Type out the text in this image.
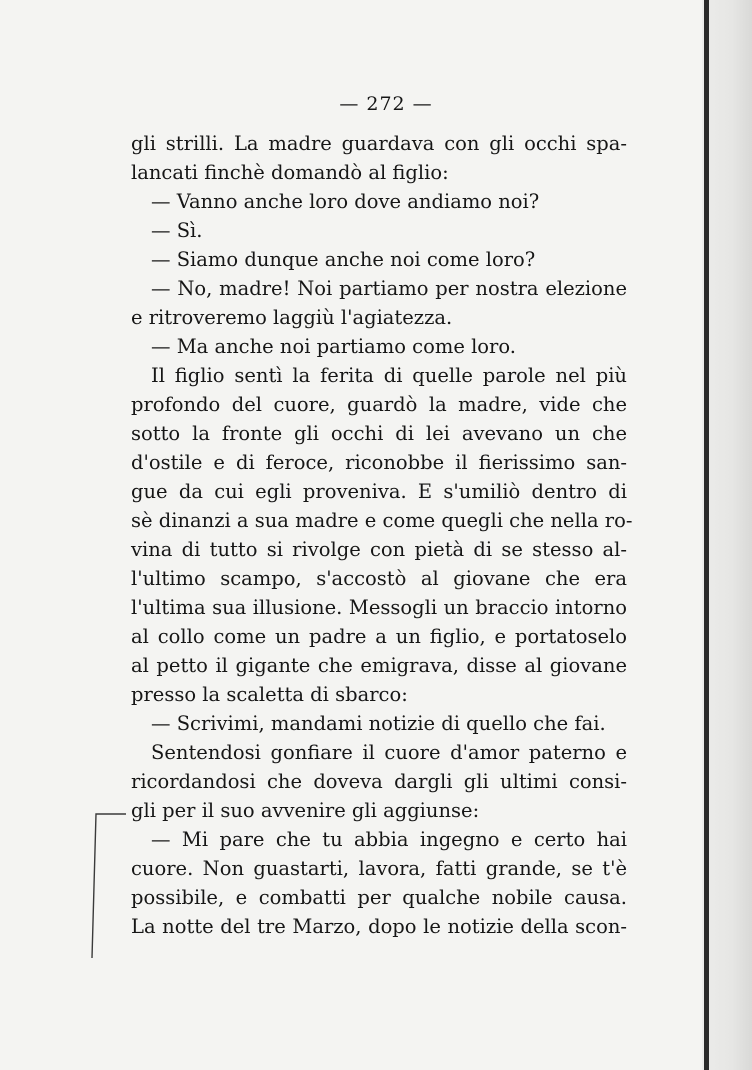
— 272 —
gli strilli. La madre guardava con gli occhi spa-
lancati finchè domandò al figlio:
— Vanno anche loro dove andiamo noi?
— Sì.
— Siamo dunque anche noi come loro?
— No, madre! Noi partiamo per nostra elezione
e ritroveremo laggiù l'agiatezza.
— Ma anche noi partiamo come loro.
Il figlio sentì la ferita di quelle parole nel più
profondo del cuore, guardò la madre, vide che
sotto la fronte gli occhi di lei avevano un che
d'ostile e di feroce, riconobbe il fierissimo san-
gue da cui egli proveniva. E s'umiliò dentro di
sè dinanzi a sua madre e come quegli che nella ro-
vina di tutto si rivolge con pietà di se stesso al-
l'ultimo scampo, s'accostò al giovane che era
l'ultima sua illusione. Messogli un braccio intorno
al collo come un padre a un figlio, e portatoselo
al petto il gigante che emigrava, disse al giovane
presso la scaletta di sbarco:
— Scrivimi, mandami notizie di quello che fai.
Sentendosi gonfiare il cuore d'amor paterno e
ricordandosi che doveva dargli gli ultimi consi-
gli per il suo avvenire gli aggiunse:
— Mi pare che tu abbia ingegno e certo hai
cuore. Non guastarti, lavora, fatti grande, se t'è
possibile, e combatti per qualche nobile causa.
La notte del tre Marzo, dopo le notizie della scon-
